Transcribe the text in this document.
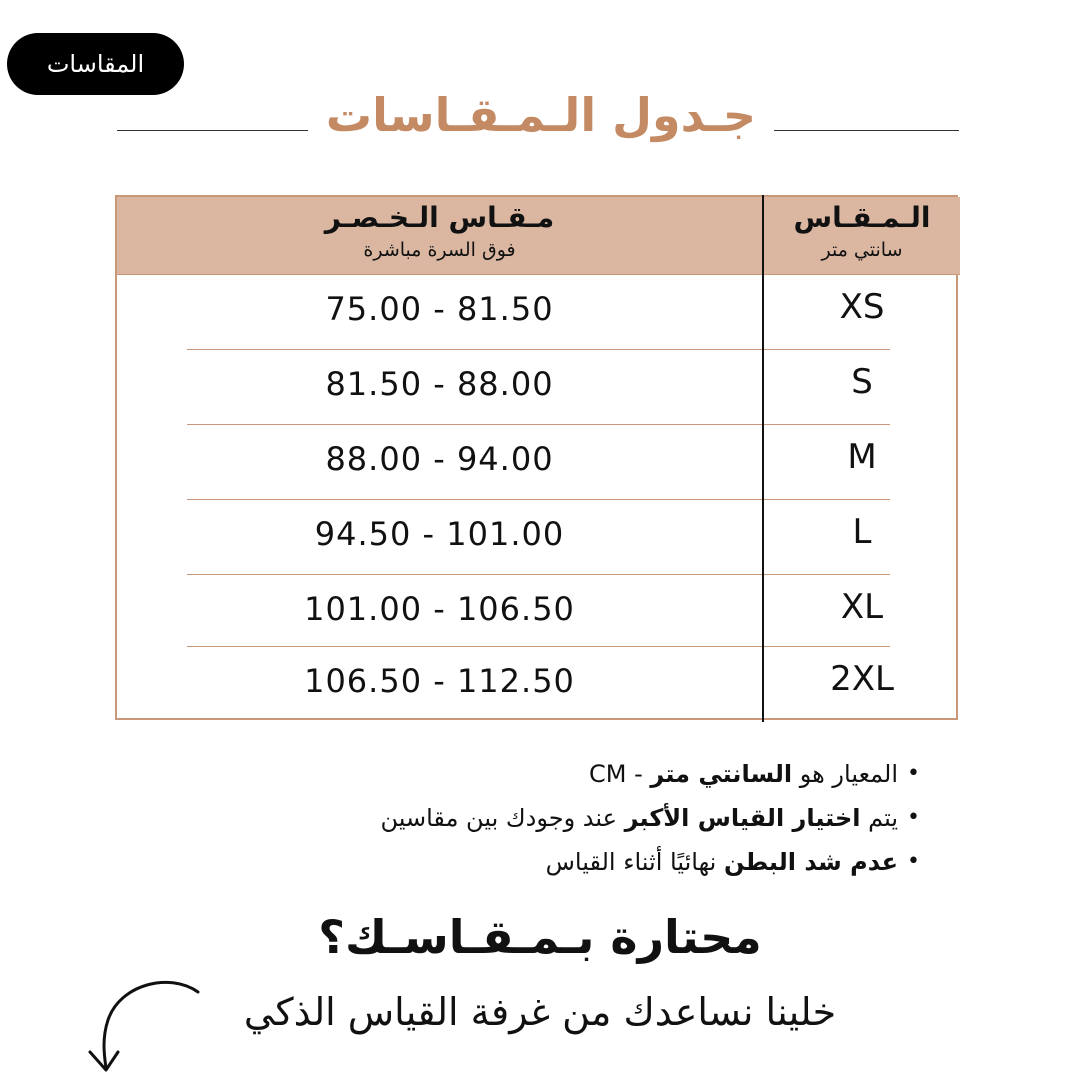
المقاسات
جـدول الـمـقـاسات
مـقـاس الـخـصـر
فوق السرة مباشرة
الـمـقـاس
سانتي متر
75.00 - 81.50	XS
81.50 - 88.00	S
88.00 - 94.00	M
94.50 - 101.00	L
101.00 - 106.50	XL
106.50 - 112.50	2XL
• المعيار هو السانتي متر - CM
• يتم اختيار القياس الأكبر عند وجودك بين مقاسين
• عدم شد البطن نهائيًا أثناء القياس
محتارة بـمـقـاسـك؟
خلينا نساعدك من غرفة القياس الذكي
